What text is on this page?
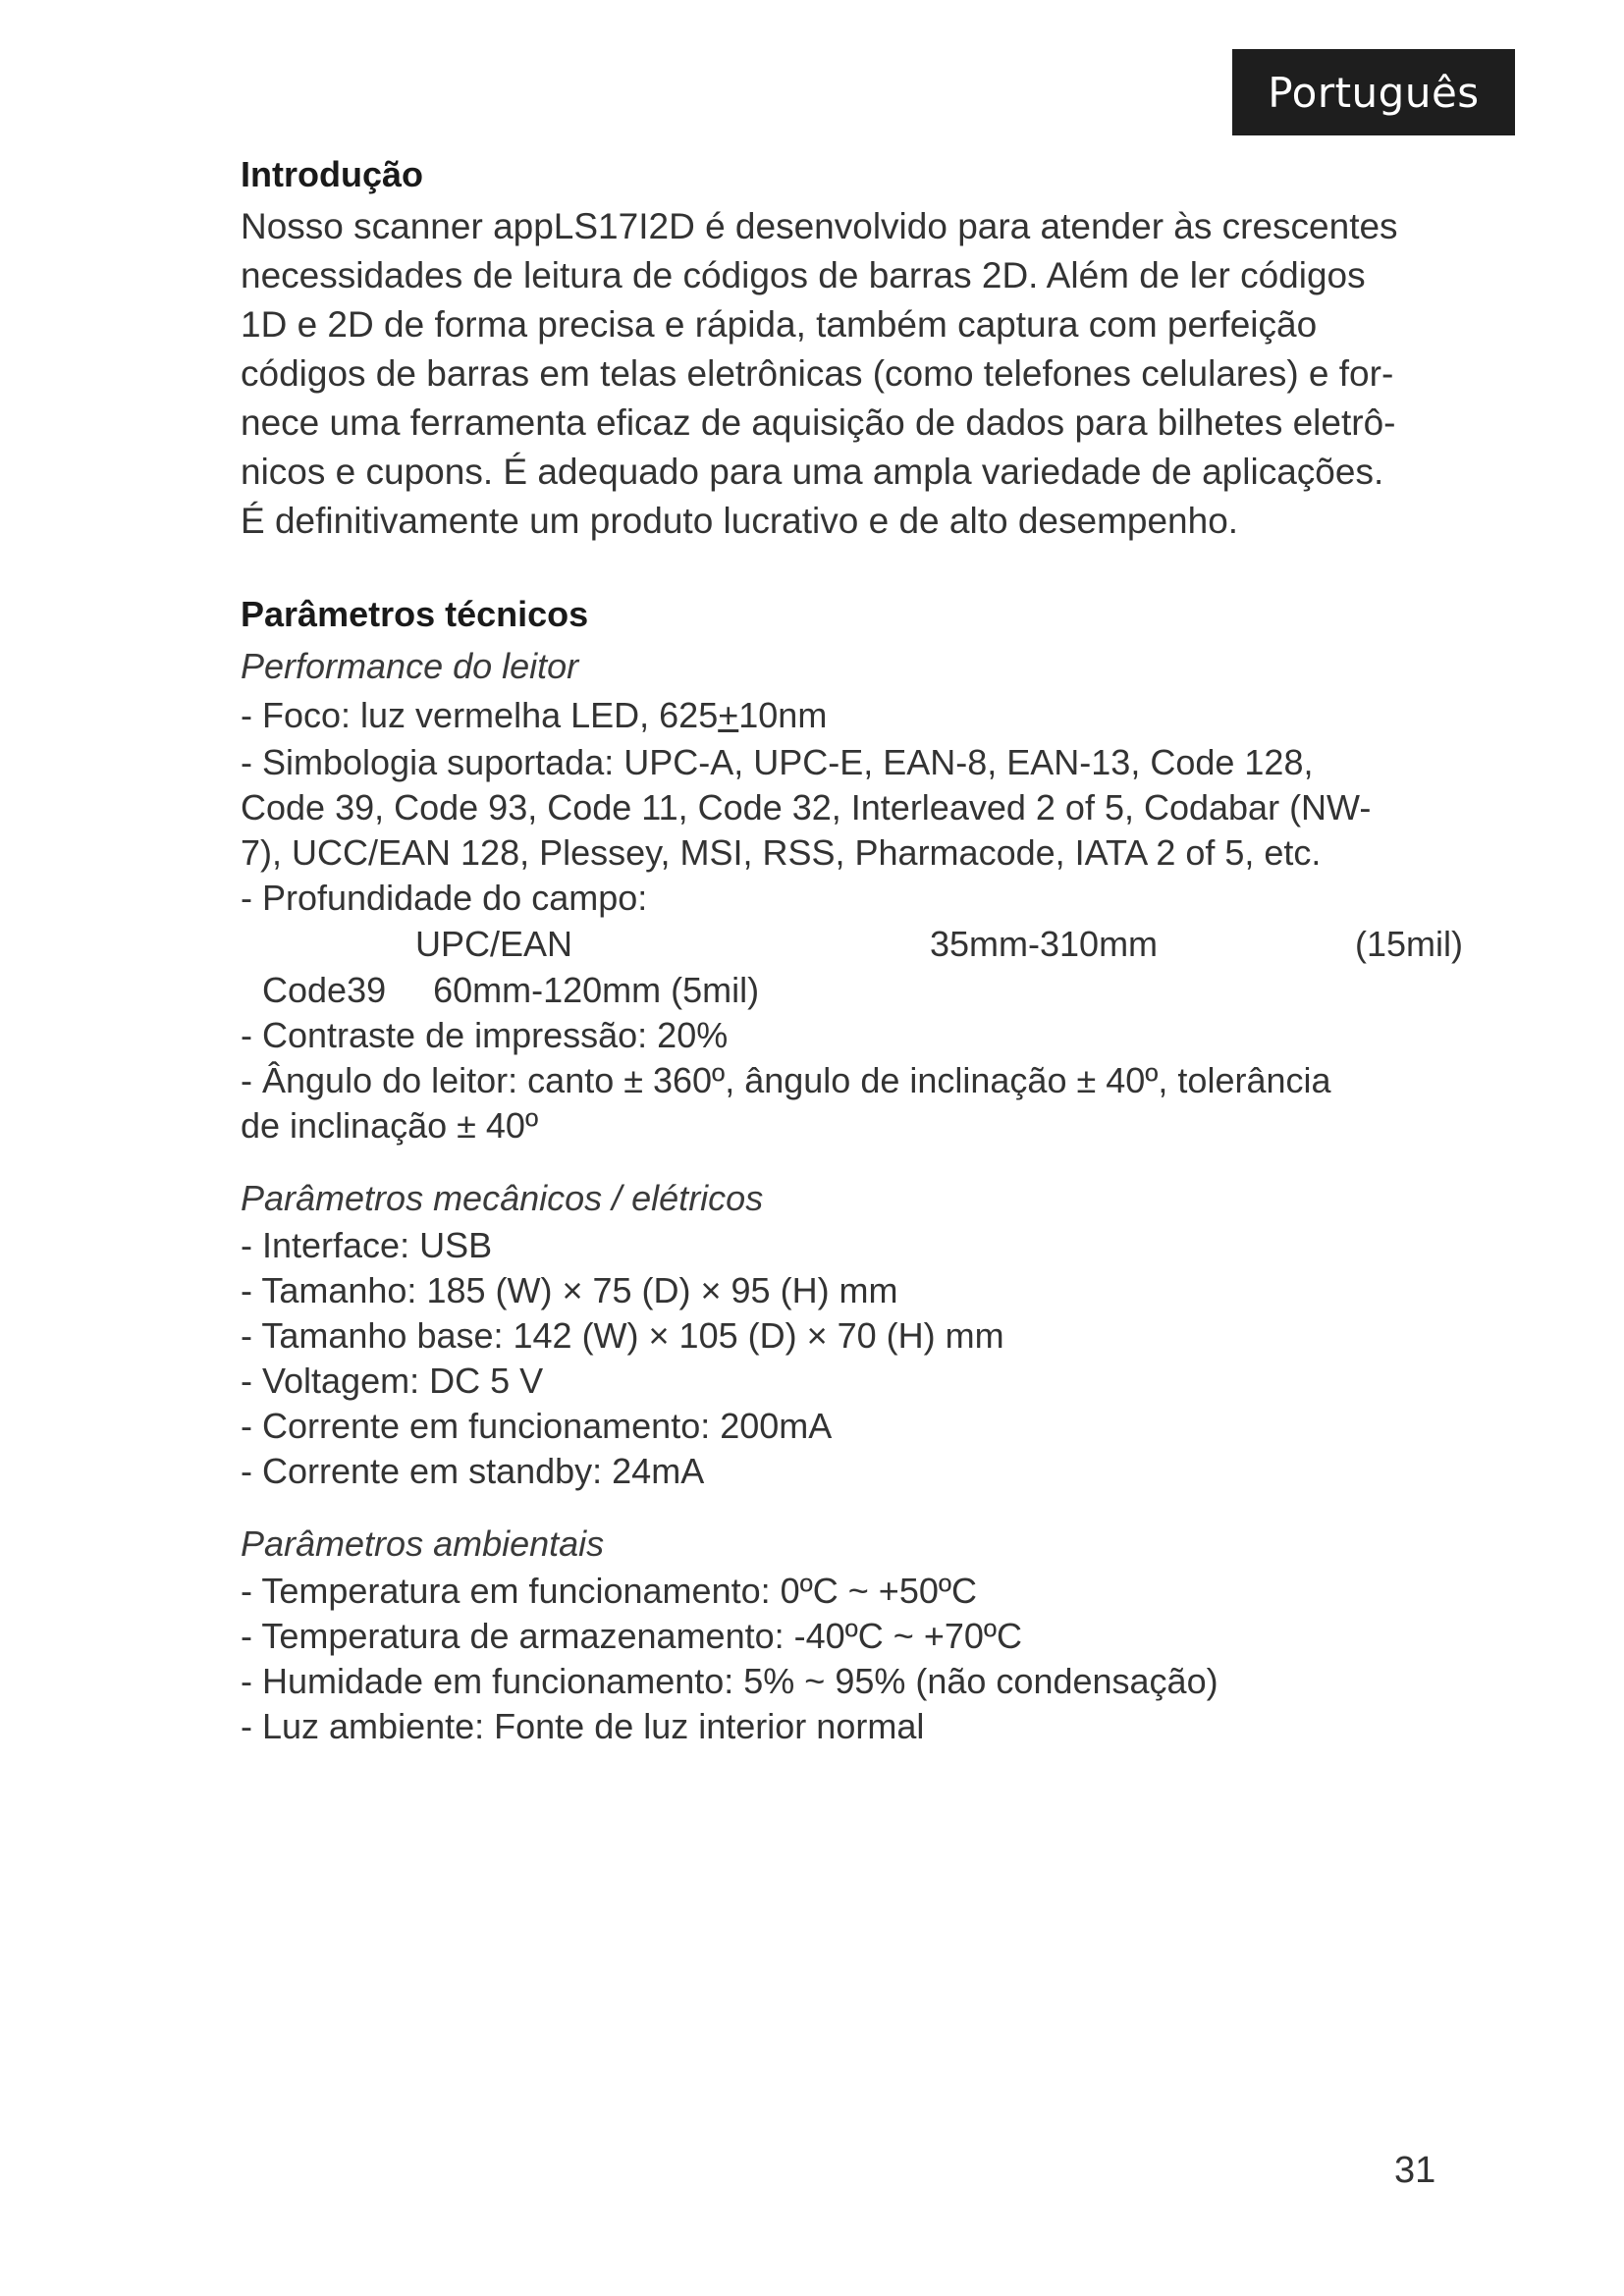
Português
Introdução

Nosso scanner appLS17I2D é desenvolvido para atender às crescentes

necessidades de leitura de códigos de barras 2D. Além de ler códigos

1D e 2D de forma precisa e rápida, também captura com perfeição

códigos de barras em telas eletrônicas (como telefones celulares) e for-

nece uma ferramenta eficaz de aquisição de dados para bilhetes eletrô-

nicos e cupons. É adequado para uma ampla variedade de aplicações.

É definitivamente um produto lucrativo e de alto desempenho.

Parâmetros técnicos

Performance do leitor

- Foco: luz vermelha LED, 625+10nm

- Simbologia suportada: UPC-A, UPC-E, EAN-8, EAN-13, Code 128,

Code 39, Code 93, Code 11, Code 32, Interleaved 2 of 5, Codabar (NW-

7), UCC/EAN 128, Plessey, MSI, RSS, Pharmacode, IATA 2 of 5, etc.

- Profundidade do campo:

UPC/EAN	35mm-310mm	(15mil)

Code39 60mm-120mm (5mil)

- Contraste de impressão: 20%

- Ângulo do leitor: canto ± 360º, ângulo de inclinação ± 40º, tolerância

de inclinação ± 40º

Parâmetros mecânicos / elétricos

- Interface: USB

- Tamanho: 185 (W) × 75 (D) × 95 (H) mm

- Tamanho base: 142 (W) × 105 (D) × 70 (H) mm

- Voltagem: DC 5 V

- Corrente em funcionamento: 200mA

- Corrente em standby: 24mA

Parâmetros ambientais

- Temperatura em funcionamento: 0ºC ~ +50ºC

- Temperatura de armazenamento: -40ºC ~ +70ºC

- Humidade em funcionamento: 5% ~ 95% (não condensação)

- Luz ambiente: Fonte de luz interior normal

31
